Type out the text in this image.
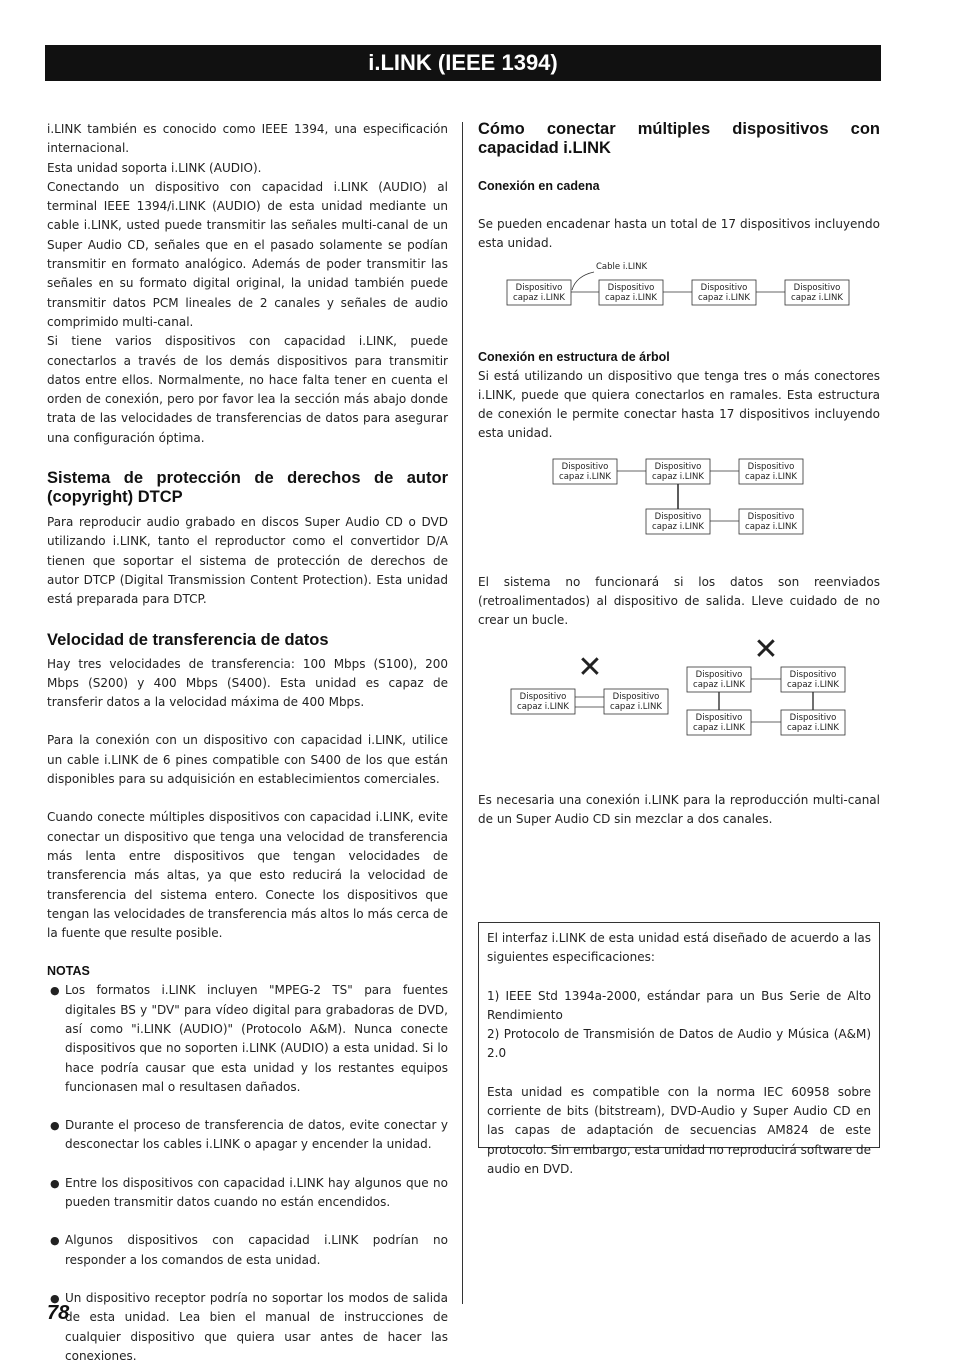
i.LINK (IEEE 1394)

i.LINK también es conocido como IEEE 1394, una especificación internacional.

Esta unidad soporta i.LINK (AUDIO).

Conectando un dispositivo con capacidad i.LINK (AUDIO) al terminal IEEE 1394/i.LINK (AUDIO) de esta unidad mediante un cable i.LINK, usted puede transmitir las señales multi-canal de un Super Audio CD, señales que en el pasado solamente se podían transmitir en formato analógico. Además de poder transmitir las señales en su formato digital original, la unidad también puede transmitir datos PCM lineales de 2 canales y señales de audio comprimido multi-canal.

Si tiene varios dispositivos con capacidad i.LINK, puede conectarlos a través de los demás dispositivos para transmitir datos entre ellos. Normalmente, no hace falta tener en cuenta el orden de conexión, pero por favor lea la sección más abajo donde trata de las velocidades de transferencias de datos para asegurar una configuración óptima.

Sistema de protección de derechos de autor (copyright) DTCP

Para reproducir audio grabado en discos Super Audio CD o DVD utilizando i.LINK, tanto el reproductor como el convertidor D/A tienen que soportar el sistema de protección de derechos de autor DTCP (Digital Transmission Content Protection). Esta unidad está preparada para DTCP.

Velocidad de transferencia de datos

Hay tres velocidades de transferencia: 100 Mbps (S100), 200 Mbps (S200) y 400 Mbps (S400). Esta unidad es capaz de transferir datos a la velocidad máxima de 400 Mbps.

Para la conexión con un dispositivo con capacidad i.LINK, utilice un cable i.LINK de 6 pines compatible con S400 de los que están disponibles para su adquisición en establecimientos comerciales.

Cuando conecte múltiples dispositivos con capacidad i.LINK, evite conectar un dispositivo que tenga una velocidad de transferencia más lenta entre dispositivos que tengan velocidades de transferencia más altas, ya que esto reducirá la velocidad de transferencia del sistema entero. Conecte los dispositivos que tengan las velocidades de transferencia más altos lo más cerca de la fuente que resulte posible.

NOTAS
● Los formatos i.LINK incluyen "MPEG-2 TS" para fuentes digitales BS y "DV" para vídeo digital para grabadoras de DVD, así como "i.LINK (AUDIO)" (Protocolo A&M). Nunca conecte dispositivos que no soporten i.LINK (AUDIO) a esta unidad. Si lo hace podría causar que esta unidad y los restantes equipos funcionasen mal o resultasen dañados.
● Durante el proceso de transferencia de datos, evite conectar y desconectar los cables i.LINK o apagar y encender la unidad.
● Entre los dispositivos con capacidad i.LINK hay algunos que no pueden transmitir datos cuando no están encendidos.
● Algunos dispositivos con capacidad i.LINK podrían no responder a los comandos de esta unidad.
● Un dispositivo receptor podría no soportar los modos de salida de esta unidad. Lea bien el manual de instrucciones de cualquier dispositivo que quiera usar antes de hacer las conexiones.
Cómo conectar múltiples dispositivos con capacidad i.LINK
Conexión en cadena

Se pueden encadenar hasta un total de 17 dispositivos incluyendo esta unidad.

Cable i.LINK
Dispositivo
capaz i.LINK
Dispositivo
capaz i.LINK
Dispositivo
capaz i.LINK
Dispositivo
capaz i.LINK
Conexión en estructura de árbol

Si está utilizando un dispositivo que tenga tres o más conectores i.LINK, puede que quiera conectarlos en ramales. Esta estructura de conexión le permite conectar hasta 17 dispositivos incluyendo esta unidad.

Dispositivo
capaz i.LINK
Dispositivo
capaz i.LINK
Dispositivo
capaz i.LINK
Dispositivo
capaz i.LINK
Dispositivo
capaz i.LINK

El sistema no funcionará si los datos son reenviados (retroalimentados) al dispositivo de salida. Lleve cuidado de no crear un bucle.

✕
Dispositivo
capaz i.LINK
Dispositivo
capaz i.LINK
✕
Dispositivo
capaz i.LINK
Dispositivo
capaz i.LINK
Dispositivo
capaz i.LINK
Dispositivo
capaz i.LINK

Es necesaria una conexión i.LINK para la reproducción multi-canal de un Super Audio CD sin mezclar a dos canales.

El interfaz i.LINK de esta unidad está diseñado de acuerdo a las siguientes especificaciones:

1) IEEE Std 1394a-2000, estándar para un Bus Serie de Alto Rendimiento

2) Protocolo de Transmisión de Datos de Audio y Música (A&M) 2.0

Esta unidad es compatible con la norma IEC 60958 sobre corriente de bits (bitstream), DVD-Audio y Super Audio CD en las capas de adaptación de secuencias AM824 de este protocolo. Sin embargo, esta unidad no reproducirá software de audio en DVD.

78
